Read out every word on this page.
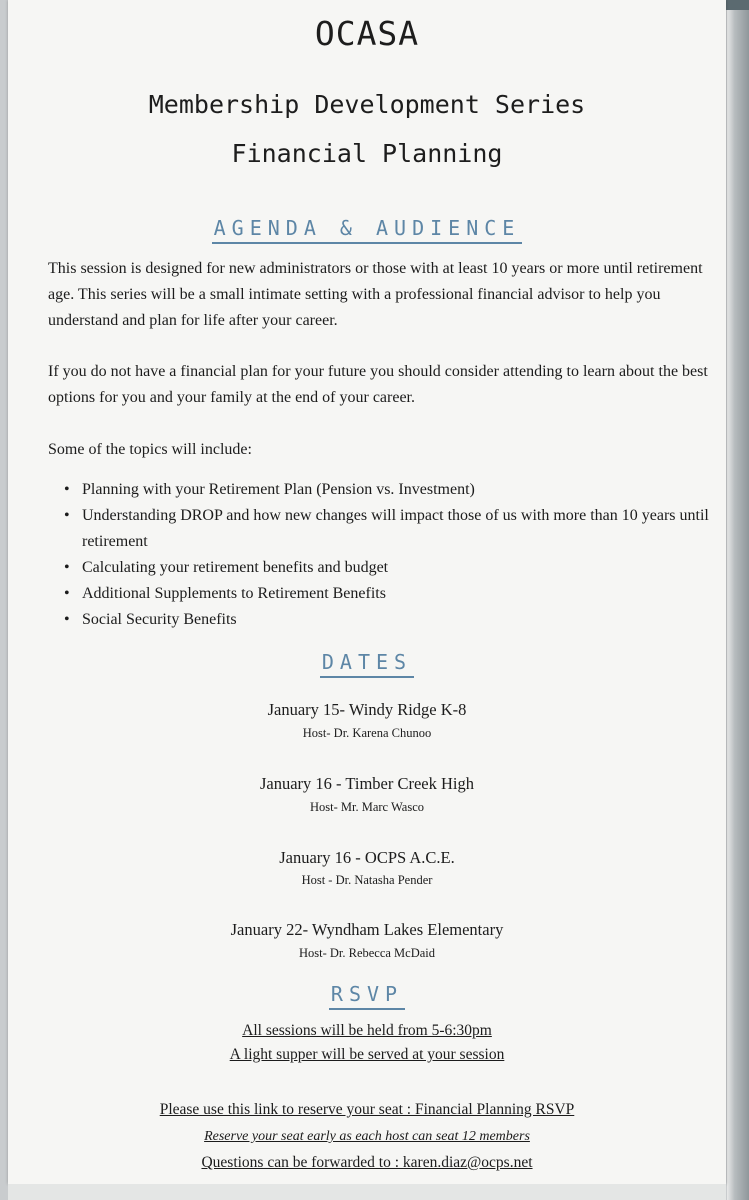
OCASA
Membership Development Series
Financial Planning
AGENDA & AUDIENCE
This session is designed for new administrators or those with at least 10 years or more until retirement age. This series will be a small intimate setting with a professional financial advisor to help you understand and plan for life after your career.
If you do not have a financial plan for your future you should consider attending to learn about the best options for you and your family at the end of your career.
Some of the topics will include:
• Planning with your Retirement Plan (Pension vs. Investment)
• Understanding DROP and how new changes will impact those of us with more than 10 years until retirement
• Calculating your retirement benefits and budget
• Additional Supplements to Retirement Benefits
• Social Security Benefits
DATES
January 15- Windy Ridge K-8
Host- Dr. Karena Chunoo
January 16 - Timber Creek High
Host- Mr. Marc Wasco
January 16 - OCPS A.C.E.
Host - Dr. Natasha Pender
January 22- Wyndham Lakes Elementary
Host- Dr. Rebecca McDaid
RSVP
All sessions will be held from 5-6:30pm
A light supper will be served at your session
Please use this link to reserve your seat : Financial Planning RSVP
Reserve your seat early as each host can seat 12 members
Questions can be forwarded to : karen.diaz@ocps.net
